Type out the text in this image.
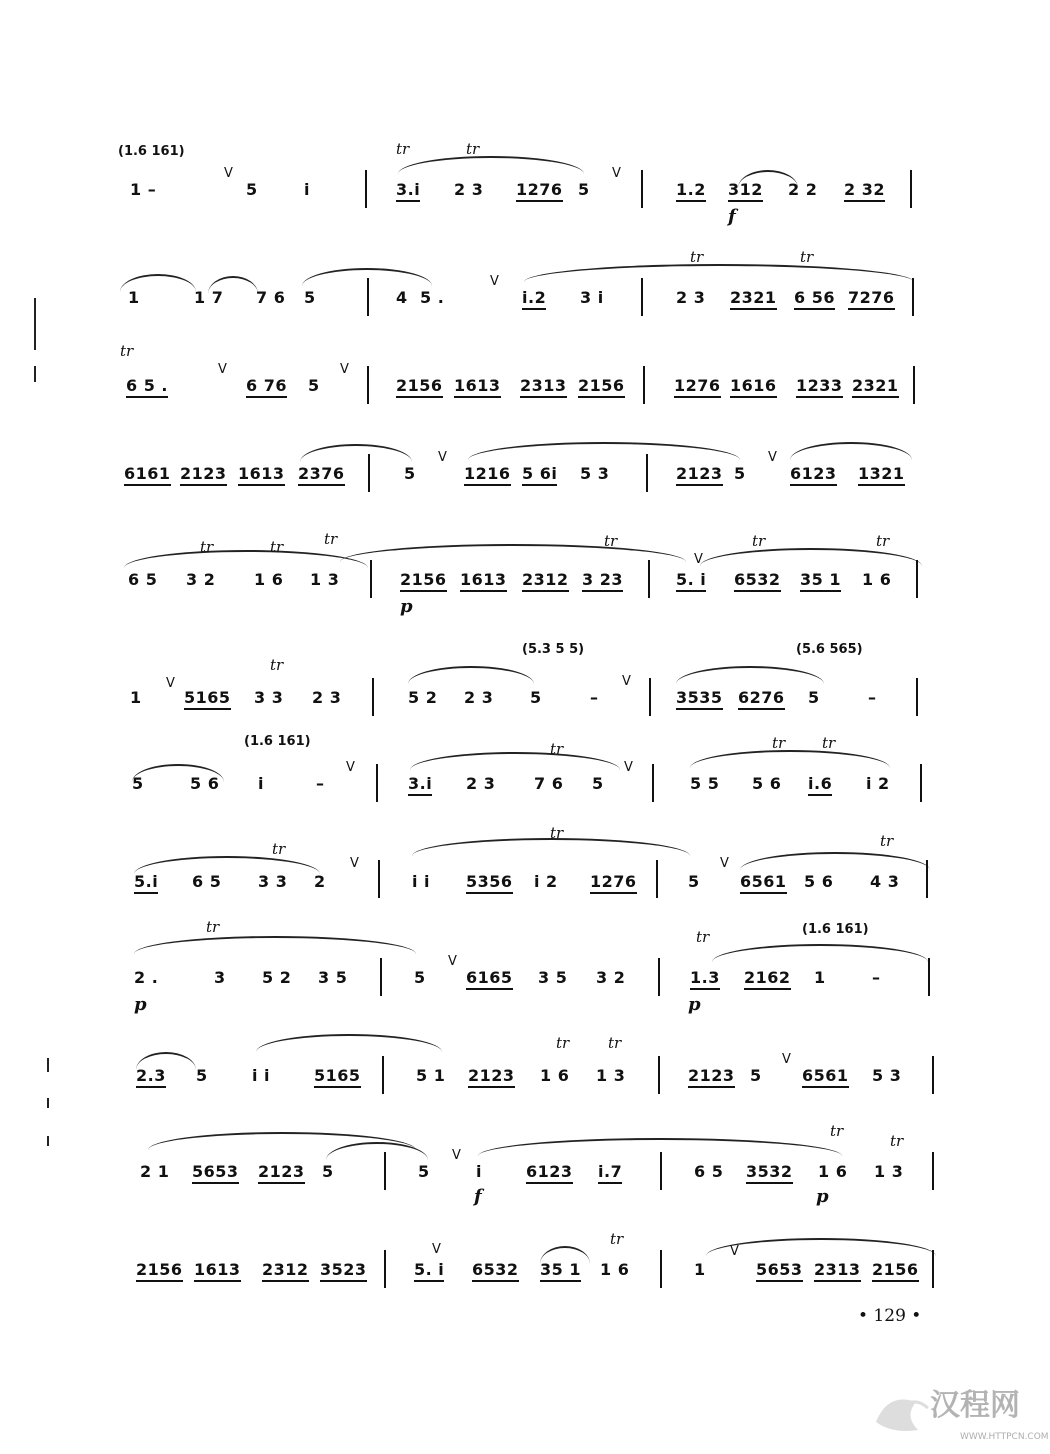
(1.6 161)
1 –
V
5	i
tr	tr
3.i 2 3 1276 5
V
1.2 312
f
2 2 2 32
1	1 7 7 6 5	4 5 .
V
i.2 3 i
tr	tr
2 3 2321 6 56 7276
tr
6 5 .
V
6 76 5
V
2156 1613 2313 2156	1276 1616 1233 2321
6161 2123 1613 2376	5
V
1216 5 6i 5 3	2123 5
V
6123 1321
tr	tr	tr
6 5 3 2 1 6 1 3	2156
p
1613 2312
tr
3 23
V
tr	tr
5. i 6532 35 1 1 6
1
V
tr
5165 3 3 2 3
(5.3 5 5)
5 2 2 3 5	–
V
(5.6 565)
3535 6276 5	–
5	5 6
(1.6 161)
i	–
V
tr
3.i 2 3 7 6 5
V
tr tr
5 5 5 6 i.6 i 2
tr
5.i 6 5 3 3 2
V
tr
i i 5356 i 2 1276	5
V
tr
6561 5 6 4 3
tr
2 .
p
3 5 2 3 5	5
V
6165 3 5 3 2
tr	(1.6 161)
1.3
p
2162 1	–
2.3 5	i i	5165
tr	tr
5 1 2123 1 6 1 3	2123 5
V
6561 5 3
2 1 5653 2123 5	5
V
i
f
6123 i.7
tr
tr
6 5 3532 1 6
p
1 3
2156 1613 2312 3523
V
5. i 6532
tr
35 1 1 6	1
V
5653 2313 2156
• 129 •
汉程网
WWW.HTTPCN.COM
